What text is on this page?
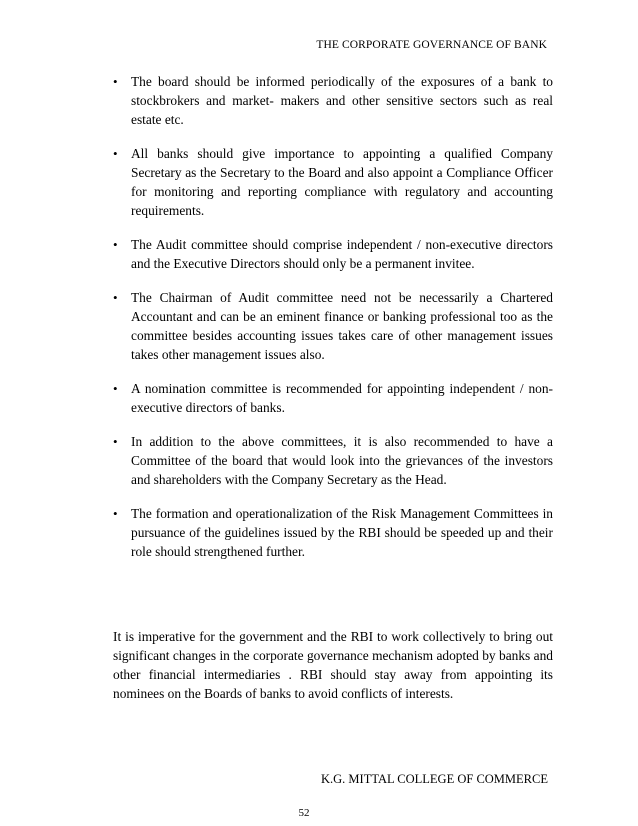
THE CORPORATE GOVERNANCE OF BANK
• The board should be informed periodically of the exposures of a bank to stockbrokers and market- makers and other sensitive sectors such as real estate etc.
• All banks should give importance to appointing a qualified Company Secretary as the Secretary to the Board and also appoint a Compliance Officer for monitoring and reporting compliance with regulatory and accounting requirements.
• The Audit committee should comprise independent / non-executive directors and the Executive Directors should only be a permanent invitee.
• The Chairman of Audit committee need not be necessarily a Chartered Accountant and can be an eminent finance or banking professional too as the committee besides accounting issues takes care of other management issues takes other management issues also.
• A nomination committee is recommended for appointing independent / non-executive directors of banks.
• In addition to the above committees, it is also recommended to have a Committee of the board that would look into the grievances of the investors and shareholders with the Company Secretary as the Head.
• The formation and operationalization of the Risk Management Committees in pursuance of the guidelines issued by the RBI should be speeded up and their role should strengthened further.

It is imperative for the government and the RBI to work collectively to bring out significant changes in the corporate governance mechanism adopted by banks and other financial intermediaries . RBI should stay away from appointing its nominees on the Boards of banks to avoid conflicts of interests.

K.G. MITTAL COLLEGE OF COMMERCE
52
